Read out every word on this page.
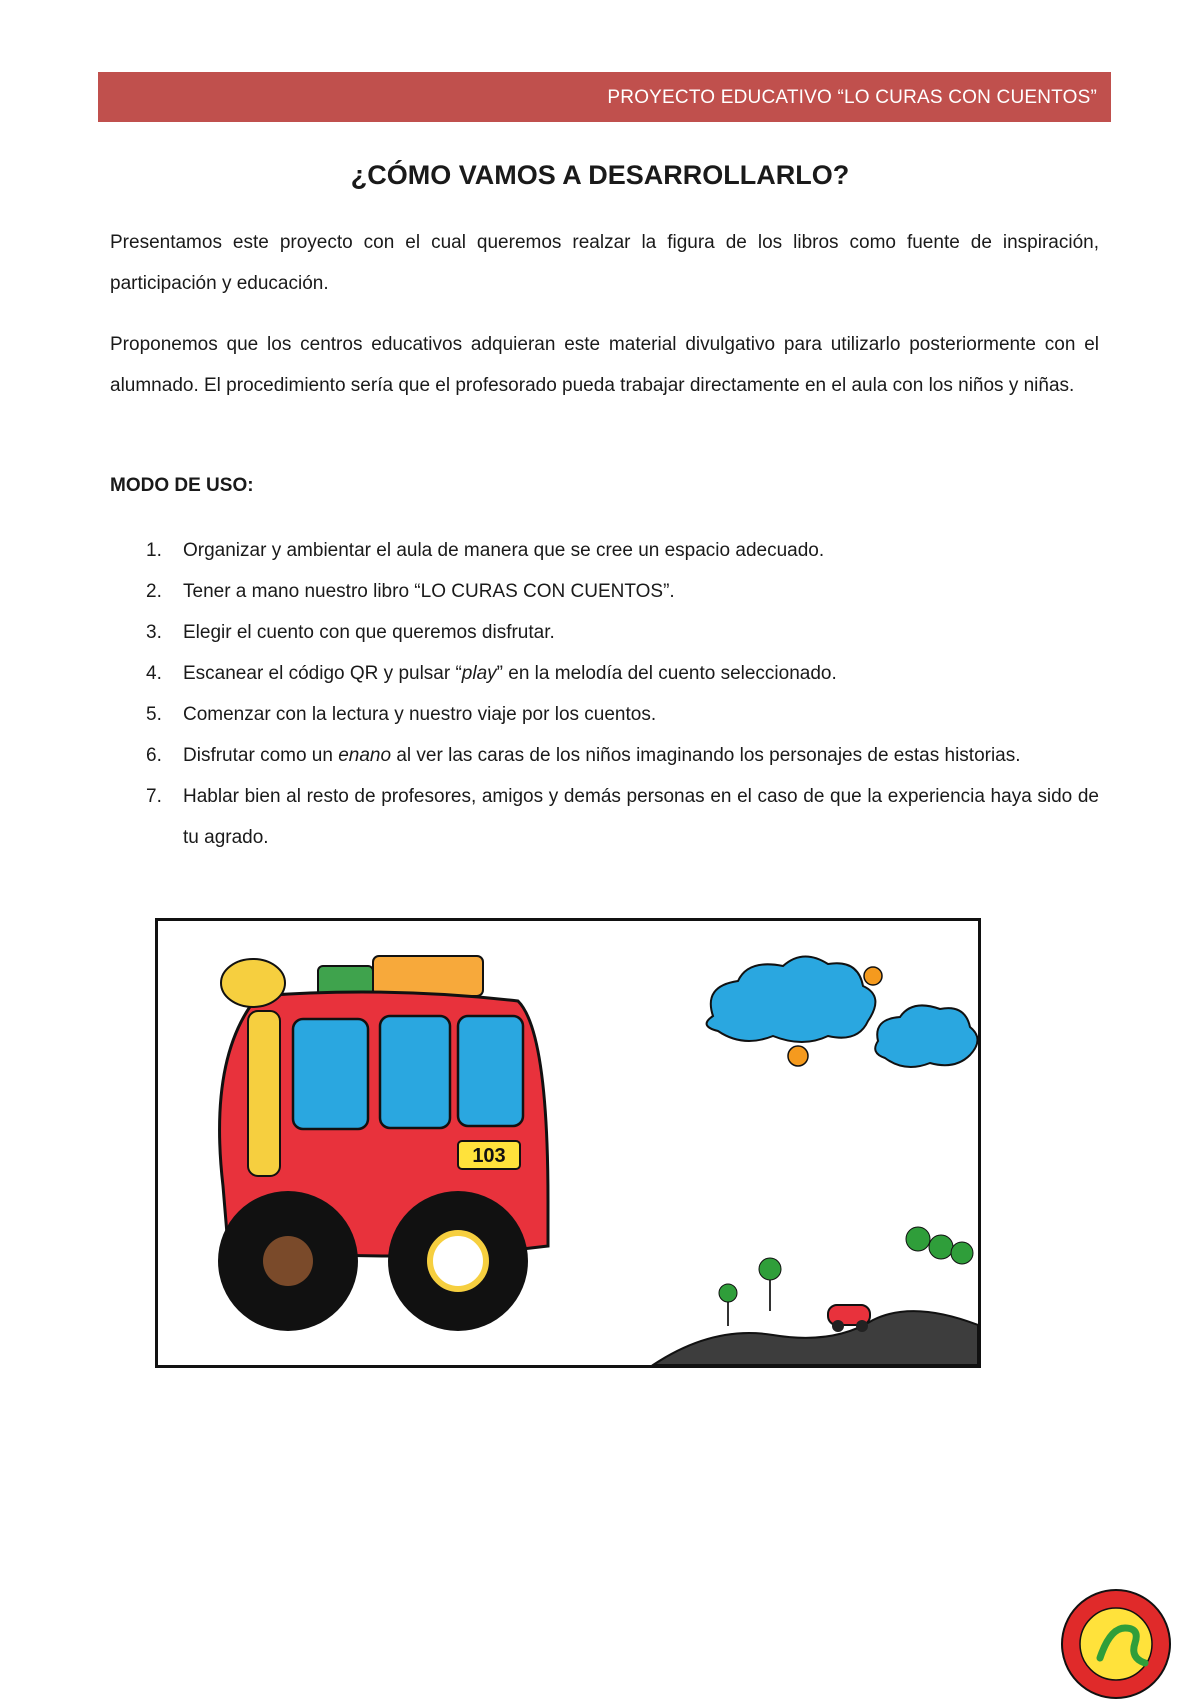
PROYECTO EDUCATIVO “LO CURAS CON CUENTOS”
¿CÓMO VAMOS A DESARROLLARLO?

Presentamos este proyecto con el cual queremos realzar la figura de los libros como fuente de inspiración, participación y educación.

Proponemos que los centros educativos adquieran este material divulgativo para utilizarlo posteriormente con el alumnado. El procedimiento sería que el profesorado pueda trabajar directamente en el aula con los niños y niñas.

MODO DE USO:

1. Organizar y ambientar el aula de manera que se cree un espacio adecuado.
2. Tener a mano nuestro libro “LO CURAS CON CUENTOS”.
3. Elegir el cuento con que queremos disfrutar.
4. Escanear el código QR y pulsar “play” en la melodía del cuento seleccionado.
5. Comenzar con la lectura y nuestro viaje por los cuentos.
6. Disfrutar como un enano al ver las caras de los niños imaginando los personajes de estas historias.
7. Hablar bien al resto de profesores, amigos y demás personas en el caso de que la experiencia haya sido de tu agrado.
103
